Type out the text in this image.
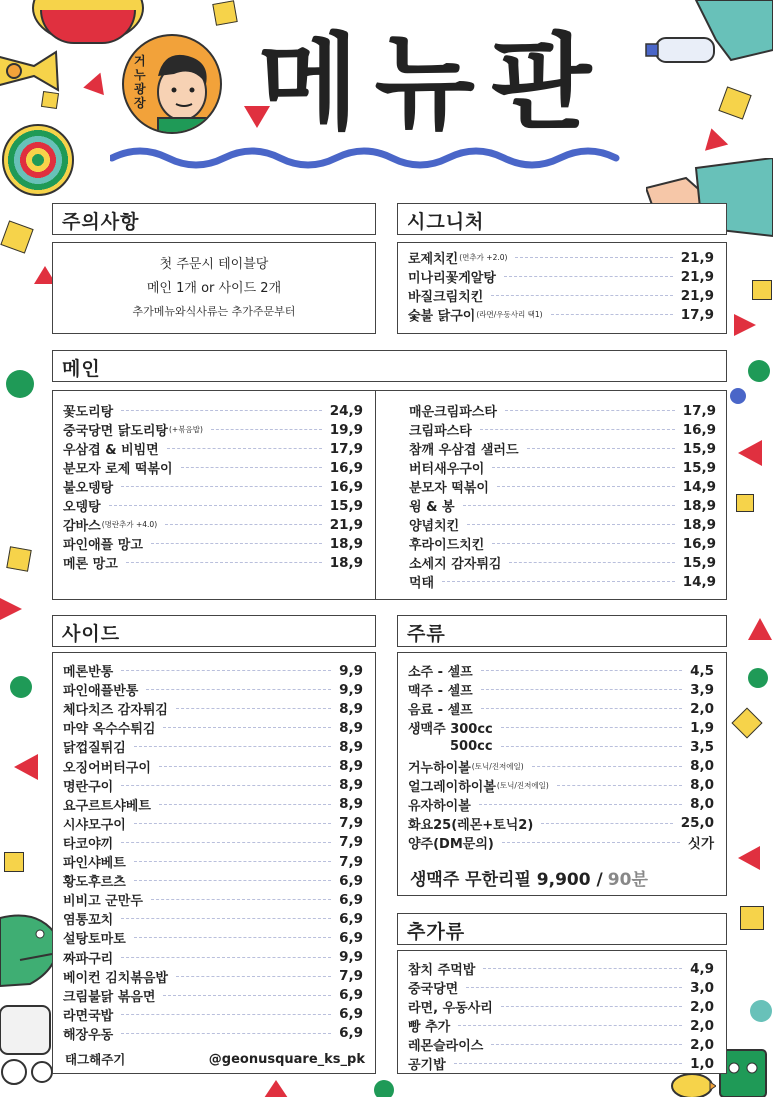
거누광장 메뉴판
주의사항
첫 주문시 테이블당
메인 1개 or 사이드 2개
추가메뉴와식사류는 추가주문부터
시그니처
로제치킨 (면추가 +2.0)	21,9
미나리꽃게알탕	21,9
바질크림치킨	21,9
숯불 닭구이 (라면/우동사리 택1)	17,9
메인
꽃도리탕	24,9
중국당면 닭도리탕 (+볶음밥)	19,9
우삼겹 & 비빔면	17,9
분모자 로제 떡볶이	16,9
불오뎅탕	16,9
오뎅탕	15,9
감바스 (명란추가 +4.0)	21,9
파인애플 망고	18,9
메론 망고	18,9
매운크림파스타	17,9
크림파스타	16,9
참깨 우삼겹 샐러드	15,9
버터새우구이	15,9
분모자 떡볶이	14,9
윙 & 봉	18,9
양념치킨	18,9
후라이드치킨	16,9
소세지 감자튀김	15,9
먹태	14,9
사이드
메론반통	9,9
파인애플반통	9,9
체다치즈 감자튀김	8,9
마약 옥수수튀김	8,9
닭껍질튀김	8,9
오징어버터구이	8,9
명란구이	8,9
요구르트샤베트	8,9
시샤모구이	7,9
타코야끼	7,9
파인샤베트	7,9
황도후르츠	6,9
비비고 군만두	6,9
염통꼬치	6,9
설탕토마토	6,9
짜파구리	9,9
베이컨 김치볶음밥	7,9
크림불닭 볶음면	6,9
라면국밥	6,9
해장우동	6,9
태그해주기	@geonusquare_ks_pk
주류
소주 - 셀프	4,5
맥주 - 셀프	3,9
음료 - 셀프	2,0
생맥주 300cc	1,9
500cc	3,5
거누하이볼 (토닉/진저에일)	8,0
얼그레이하이볼 (토닉/진저에일)	8,0
유자하이볼	8,0
화요25(레몬+토닉2)	25,0
양주(DM문의)	싯가
생맥주 무한리필 9,900 / 90분
추가류
참치 주먹밥	4,9
중국당면	3,0
라면, 우동사리	2,0
빵 추가	2,0
레몬슬라이스	2,0
공기밥	1,0
